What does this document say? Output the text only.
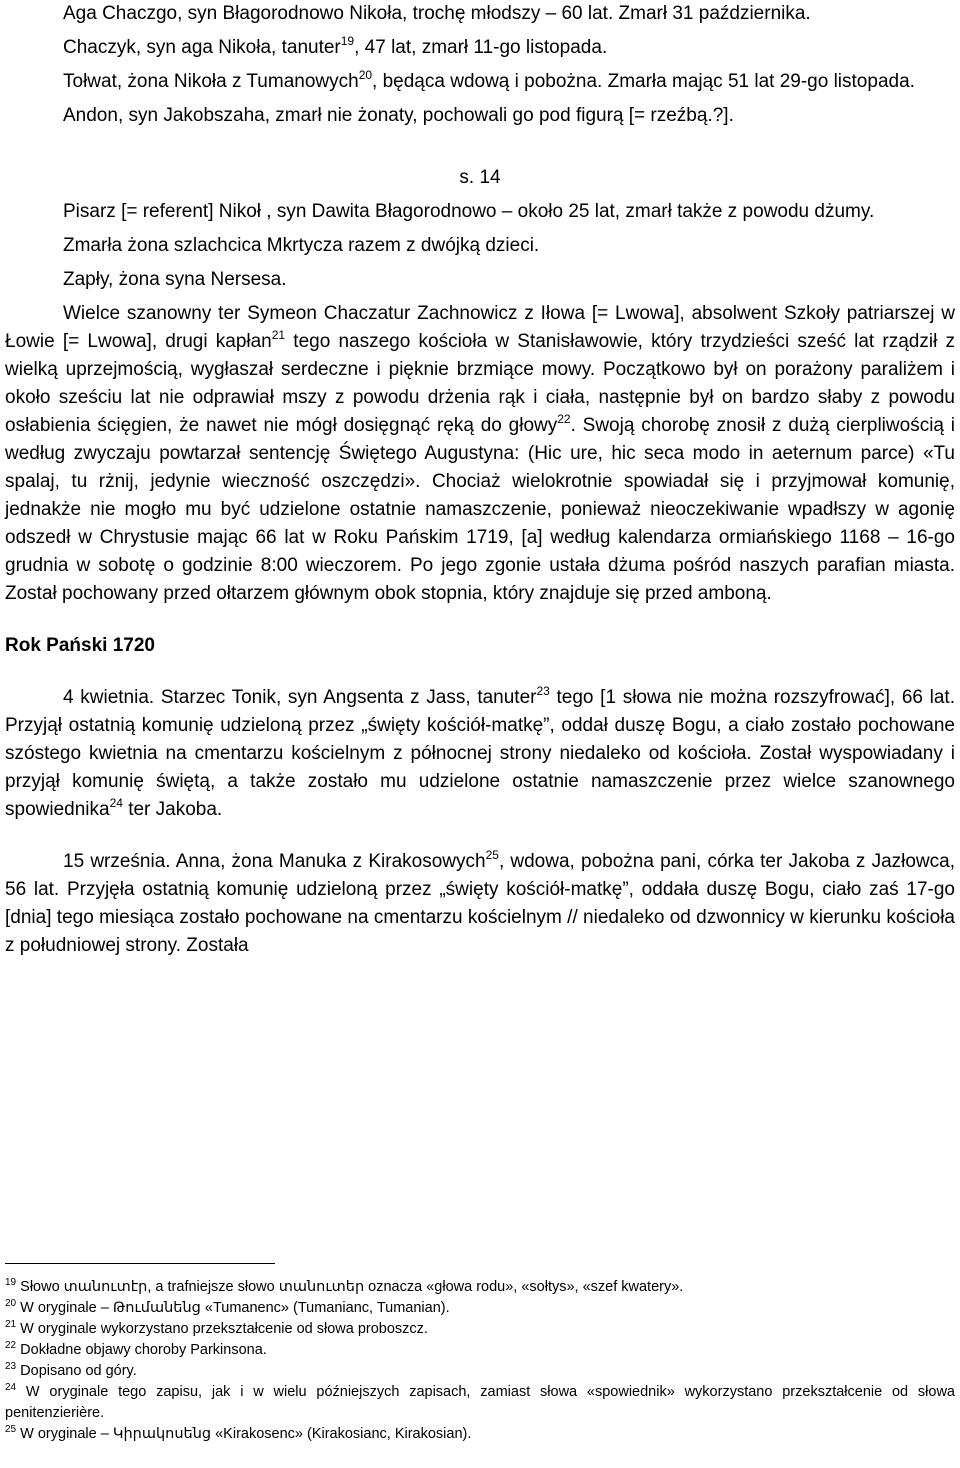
Aga Chaczgo, syn Błagorodnowo Nikoła, trochę młodszy – 60 lat. Zmarł 31 października.

Chaczyk, syn aga Nikoła, tanuter$^{19}$, 47 lat, zmarł 11-go listopada.

Tołwat, żona Nikoła z Tumanowych$^{20}$, będąca wdową i pobożna. Zmarła mając 51 lat 29-go listopada.

Andon, syn Jakobszaha, zmarł nie żonaty, pochowali go pod figurą [= rzeźbą.?].

s. 14

Pisarz [= referent] Nikoł , syn Dawita Błagorodnowo – około 25 lat, zmarł także z powodu dżumy.

Zmarła żona szlachcica Mkrtycza razem z dwójką dzieci.

Zapły, żona syna Nersesa.

Wielce szanowny ter Symeon Chaczatur Zachnowicz z Iłowa [= Lwowa], absolwent Szkoły patriarszej w Łowie [= Lwowa], drugi kapłan$^{21}$ tego naszego kościoła w Stanisławowie, który trzydzieści sześć lat rządził z wielką uprzejmością, wygłaszał serdeczne i pięknie brzmiące mowy. Początkowo był on porażony paraliżem i około sześciu lat nie odprawiał mszy z powodu drżenia rąk i ciała, następnie był on bardzo słaby z powodu osłabienia ścięgien, że nawet nie mógł dosięgnąć ręką do głowy$^{22}$. Swoją chorobę znosił z dużą cierpliwością i według zwyczaju powtarzał sentencję Świętego Augustyna: (Hic ure, hic seca modo in aeternum parce) «Tu spalaj, tu rżnij, jedynie wieczność oszczędzi». Chociaż wielokrotnie spowiadał się i przyjmował komunię, jednakże nie mogło mu być udzielone ostatnie namaszczenie, ponieważ nieoczekiwanie wpadłszy w agonię odszedł w Chrystusie mając 66 lat w Roku Pańskim 1719, [a] według kalendarza ormiańskiego 1168 – 16-go grudnia w sobotę o godzinie 8:00 wieczorem. Po jego zgonie ustała dżuma pośród naszych parafian miasta. Został pochowany przed ołtarzem głównym obok stopnia, który znajduje się przed amboną.

Rok Pański 1720

4 kwietnia. Starzec Tonik, syn Angsenta z Jass, tanuter$^{23}$ tego [1 słowa nie można rozszyfrować], 66 lat. Przyjął ostatnią komunię udzieloną przez „święty kościół-matkę”, oddał duszę Bogu, a ciało zostało pochowane szóstego kwietnia na cmentarzu kościelnym z północnej strony niedaleko od kościoła. Został wyspowiadany i przyjął komunię świętą, a także zostało mu udzielone ostatnie namaszczenie przez wielce szanownego spowiednika$^{24}$ ter Jakoba.

15 września. Anna, żona Manuka z Kirakosowych$^{25}$, wdowa, pobożna pani, córka ter Jakoba z Jazłowca, 56 lat. Przyjęła ostatnią komunię udzieloną przez „święty kościół-matkę”, oddała duszę Bogu, ciało zaś 17-go [dnia] tego miesiąca zostało pochowane na cmentarzu kościelnym // niedaleko od dzwonnicy w kierunku kościoła z południowej strony. Została

$^{19}$ Słowo տանուտէր, a trafniejsze słowo տանուտեր oznacza «głowa rodu», «sołtys», «szef kwatery».

$^{20}$ W oryginale – Թումանենց «Tumanenc» (Tumanianc, Tumanian).

$^{21}$ W oryginale wykorzystano przekształcenie od słowa proboszcz.

$^{22}$ Dokładne objawy choroby Parkinsona.

$^{23}$ Dopisano od góry.

$^{24}$ W oryginale tego zapisu, jak i w wielu późniejszych zapisach, zamiast słowa «spowiednik» wykorzystano przekształcenie od słowa penitenzierière.

$^{25}$ W oryginale – Կիրակոսենց «Kirakosenc» (Kirakosianc, Kirakosian).
